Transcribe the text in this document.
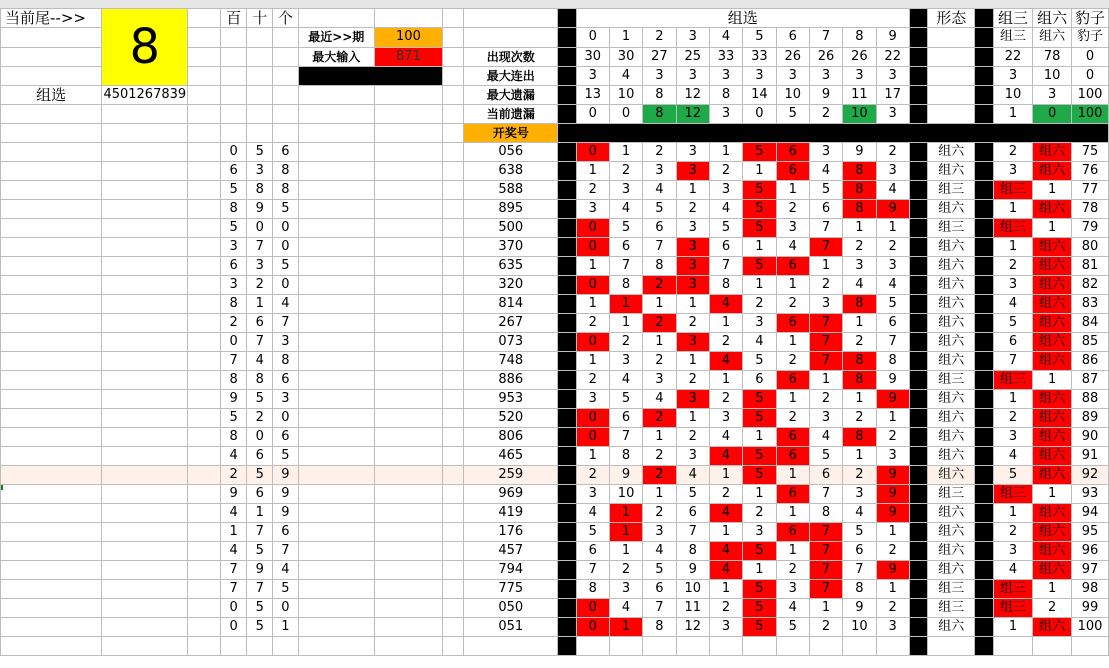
当前尾-->>	8		百	十	个						组选											形态		组三	组六	豹子
						最近>>期	100				0	1	2	3	4	5	6	7	8	9				组三	组六	豹子
						最大输入	871		出现次数		30	30	27	25	33	33	26	26	26	22				22	78	0
									最大连出		3	4	3	3	3	3	3	3	3	3				3	10	0
组选	4501267839								最大遗漏		13	10	8	12	8	14	10	9	11	17				10	3	100
									当前遗漏		0	0	8	12	3	0	5	2	10	3				1	0	100
									开奖号																	
			0	5	6				056		0	1	2	3	1	5	6	3	9	2		组六		2	组六	75
			6	3	8				638		1	2	3	3	2	1	6	4	8	3		组六		3	组六	76
			5	8	8				588		2	3	4	1	3	5	1	5	8	4		组三		组三	1	77
			8	9	5				895		3	4	5	2	4	5	2	6	8	9		组六		1	组六	78
			5	0	0				500		0	5	6	3	5	5	3	7	1	1		组三		组三	1	79
			3	7	0				370		0	6	7	3	6	1	4	7	2	2		组六		1	组六	80
			6	3	5				635		1	7	8	3	7	5	6	1	3	3		组六		2	组六	81
			3	2	0				320		0	8	2	3	8	1	1	2	4	4		组六		3	组六	82
			8	1	4				814		1	1	1	1	4	2	2	3	8	5		组六		4	组六	83
			2	6	7				267		2	1	2	2	1	3	6	7	1	6		组六		5	组六	84
			0	7	3				073		0	2	1	3	2	4	1	7	2	7		组六		6	组六	85
			7	4	8				748		1	3	2	1	4	5	2	7	8	8		组六		7	组六	86
			8	8	6				886		2	4	3	2	1	6	6	1	8	9		组三		组三	1	87
			9	5	3				953		3	5	4	3	2	5	1	2	1	9		组六		1	组六	88
			5	2	0				520		0	6	2	1	3	5	2	3	2	1		组六		2	组六	89
			8	0	6				806		0	7	1	2	4	1	6	4	8	2		组六		3	组六	90
			4	6	5				465		1	8	2	3	4	5	6	5	1	3		组六		4	组六	91
			2	5	9				259		2	9	2	4	1	5	1	6	2	9		组六		5	组六	92
			9	6	9				969		3	10	1	5	2	1	6	7	3	9		组三		组三	1	93
			4	1	9				419		4	1	2	6	4	2	1	8	4	9		组六		1	组六	94
			1	7	6				176		5	1	3	7	1	3	6	7	5	1		组六		2	组六	95
			4	5	7				457		6	1	4	8	4	5	1	7	6	2		组六		3	组六	96
			7	9	4				794		7	2	5	9	4	1	2	7	7	9		组六		4	组六	97
			7	7	5				775		8	3	6	10	1	5	3	7	8	1		组三		组三	1	98
			0	5	0				050		0	4	7	11	2	5	4	1	9	2		组三		组三	2	99
			0	5	1				051		0	1	8	12	3	5	5	2	10	3		组六		1	组六	100
